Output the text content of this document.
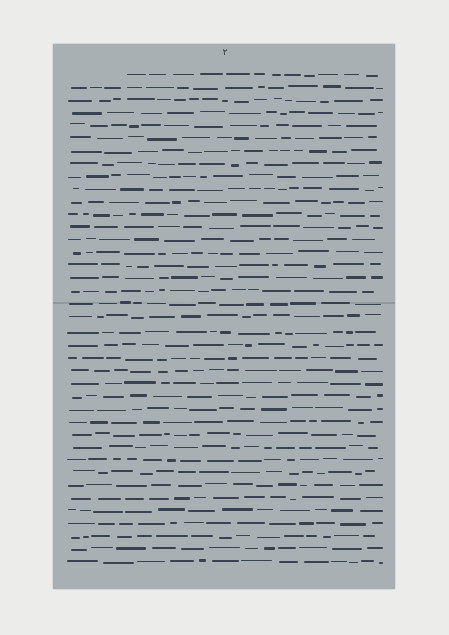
۲
